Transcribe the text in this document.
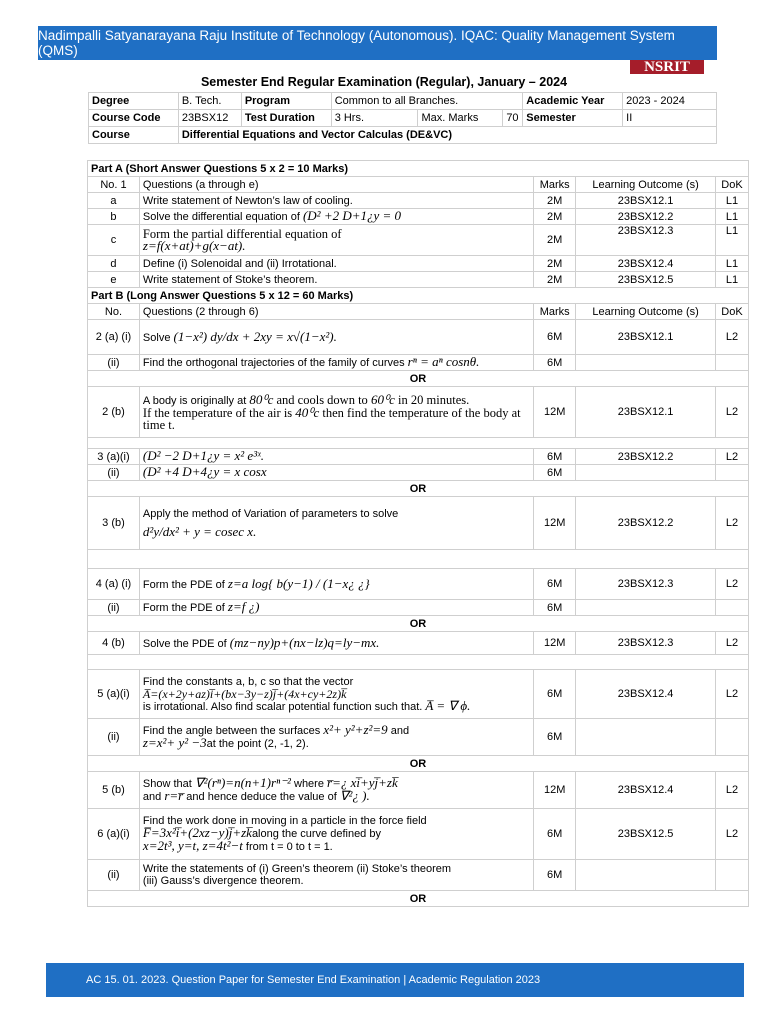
Nadimpalli Satyanarayana Raju Institute of Technology (Autonomous). IQAC: Quality Management System (QMS)
NSRIT
Semester End Regular Examination (Regular), January – 2024
Degree	B. Tech.	Program	Common to all Branches.			Academic Year	2023 - 2024
Course Code	23BSX12	Test Duration	3 Hrs.	Max. Marks	70	Semester	II
Course	Differential Equations and Vector Calculas (DE&VC)						
Part A (Short Answer Questions 5 x 2 = 10 Marks)				
No. 1	Questions (a through e)	Marks	Learning Outcome (s)	DoK
a	Write statement of Newton’s law of cooling.	2M	23BSX12.1	L1
b	Solve the differential equation of (D² +2 D+1¿y = 0	2M	23BSX12.2	L1
c	Form the partial differential equation of
z=f(x+at)+g(x−at).	2M	23BSX12.3	L1
d	Define (i) Solenoidal and (ii) Irrotational.	2M	23BSX12.4	L1
e	Write statement of Stoke’s theorem.	2M	23BSX12.5	L1
Part B (Long Answer Questions 5 x 12 = 60 Marks)				
No.	Questions (2 through 6)	Marks	Learning Outcome (s)	DoK
2 (a) (i)	Solve (1−x²) dy/dx + 2xy = x√(1−x²).	6M	23BSX12.1	L2
(ii)	Find the orthogonal trajectories of the family of curves rⁿ = aⁿ cosnθ.	6M		
OR				
2 (b)	A body is originally at 80⁰c and cools down to 60⁰c in 20 minutes.
If the temperature of the air is 40⁰c then find the temperature of the body at time t.	12M	23BSX12.1	L2

3 (a)(i)	(D² −2 D+1¿y = x² e³ˣ.	6M	23BSX12.2	L2
(ii)	(D² +4 D+4¿y = x cosx	6M		
OR				
3 (b)	Apply the method of Variation of parameters to solve
d²y/dx² + y = cosec x.	12M	23BSX12.2	L2

4 (a) (i)	Form the PDE of z=a log{ b(y−1) / (1−x¿ ¿}	6M	23BSX12.3	L2
(ii)	Form the PDE of z=f ¿)	6M		
OR				
4 (b)	Solve the PDE of (mz−ny)p+(nx−lz)q=ly−mx.	12M	23BSX12.3	L2

5 (a)(i)	Find the constants a, b, c so that the vector
A̅=(x+2y+az)i̅+(bx−3y−z)j̅+(4x+cy+2z)k̅
is irrotational. Also find scalar potential function such that. A̅ = ∇ ϕ.	6M	23BSX12.4	L2
(ii)	Find the angle between the surfaces x²+ y²+z²=9 and
z=x²+ y² −3at the point (2, -1, 2).	6M		
OR				
5 (b)	Show that ∇²(rⁿ)=n(n+1)rⁿ⁻² where r̅=¿ xi̅+yj̅+zk̅
and r=r̅ and hence deduce the value of ∇²¿ ).	12M	23BSX12.4	L2
6 (a)(i)	Find the work done in moving in a particle in the force field
F̅=3x²i̅+(2xz−y)j̅+zk̅along the curve defined by
x=2t³, y=t, z=4t²−t from t = 0 to t = 1.	6M	23BSX12.5	L2
(ii)	Write the statements of (i) Green’s theorem (ii) Stoke’s theorem
(iii) Gauss’s divergence theorem.	6M		
OR				
AC 15. 01. 2023. Question Paper for Semester End Examination | Academic Regulation 2023
